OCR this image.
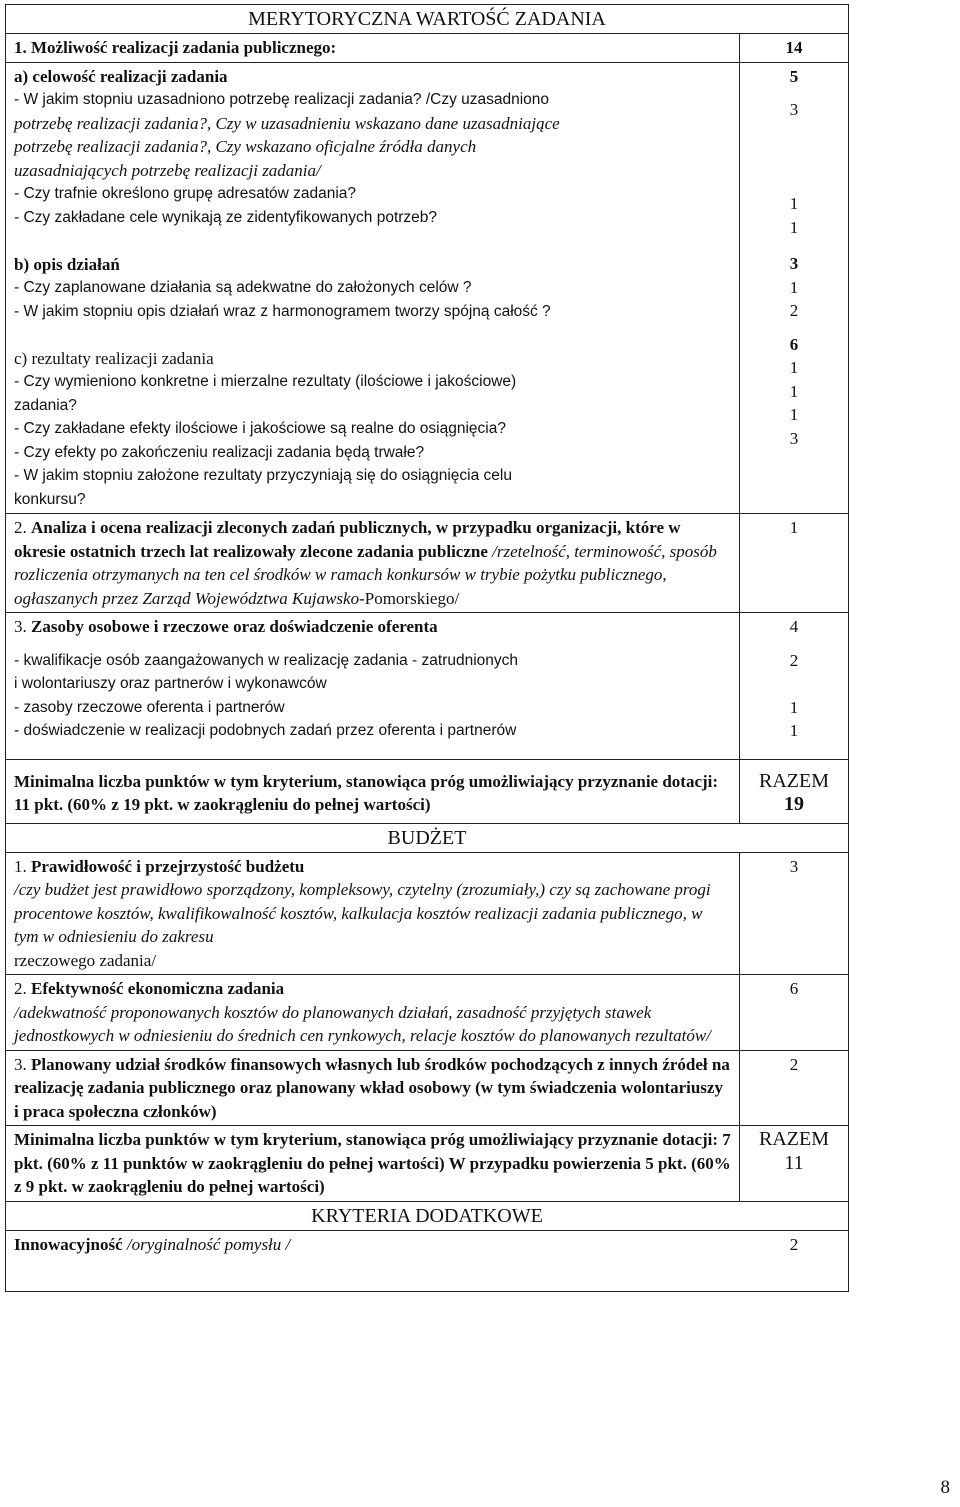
MERYTORYCZNA WARTOŚĆ ZADANIA
1. Możliwość realizacji zadania publicznego:	14
a) celowość realizacji zadania
- W jakim stopniu uzasadniono potrzebę realizacji zadania? /Czy uzasadniono
potrzebę realizacji zadania?, Czy w uzasadnieniu wskazano dane uzasadniające
potrzebę realizacji zadania?, Czy wskazano oficjalne źródła danych
uzasadniających potrzebę realizacji zadania/
- Czy trafnie określono grupę adresatów zadania?
- Czy zakładane cele wynikają ze zidentyfikowanych potrzeb?
b) opis działań
- Czy zaplanowane działania są adekwatne do założonych celów ?
- W jakim stopniu opis działań wraz z harmonogramem tworzy spójną całość ?
c) rezultaty realizacji zadania
- Czy wymieniono konkretne i mierzalne rezultaty (ilościowe i jakościowe)
zadania?
- Czy zakładane efekty ilościowe i jakościowe są realne do osiągnięcia?
- Czy efekty po zakończeniu realizacji zadania będą trwałe?
- W jakim stopniu założone rezultaty przyczyniają się do osiągnięcia celu
konkursu?
5
3
1
1
3
1
2
6
1
1
1
3
2. Analiza i ocena realizacji zleconych zadań publicznych, w przypadku organizacji, które w okresie ostatnich trzech lat realizowały zlecone zadania publiczne /rzetelność, terminowość, sposób rozliczenia otrzymanych na ten cel środków w ramach konkursów w trybie pożytku publicznego, ogłaszanych przez Zarząd Województwa Kujawsko-Pomorskiego/
1
3. Zasoby osobowe i rzeczowe oraz doświadczenie oferenta
- kwalifikacje osób zaangażowanych w realizację zadania - zatrudnionych
i wolontariuszy oraz partnerów i wykonawców
- zasoby rzeczowe oferenta i partnerów
- doświadczenie w realizacji podobnych zadań przez oferenta i partnerów
4
2
1
1
Minimalna liczba punktów w tym kryterium, stanowiąca próg umożliwiający przyznanie dotacji: 11 pkt. (60% z 19 pkt. w zaokrągleniu do pełnej wartości)
RAZEM
19
BUDŻET
1. Prawidłowość i przejrzystość budżetu
/czy budżet jest prawidłowo sporządzony, kompleksowy, czytelny (zrozumiały,) czy są zachowane progi procentowe kosztów, kwalifikowalność kosztów, kalkulacja kosztów realizacji zadania publicznego, w tym w odniesieniu do zakresu
rzeczowego zadania/
3
2. Efektywność ekonomiczna zadania
/adekwatność proponowanych kosztów do planowanych działań, zasadność przyjętych stawek jednostkowych w odniesieniu do średnich cen rynkowych, relacje kosztów do planowanych rezultatów/
6
3. Planowany udział środków finansowych własnych lub środków pochodzących z innych źródeł na realizację zadania publicznego oraz planowany wkład osobowy (w tym świadczenia wolontariuszy i praca społeczna członków)
2
Minimalna liczba punktów w tym kryterium, stanowiąca próg umożliwiający przyznanie dotacji: 7 pkt. (60% z 11 punktów w zaokrągleniu do pełnej wartości) W przypadku powierzenia 5 pkt. (60% z 9 pkt. w zaokrągleniu do pełnej wartości)
RAZEM
11
KRYTERIA DODATKOWE
Innowacyjność /oryginalność pomysłu /	2
8
